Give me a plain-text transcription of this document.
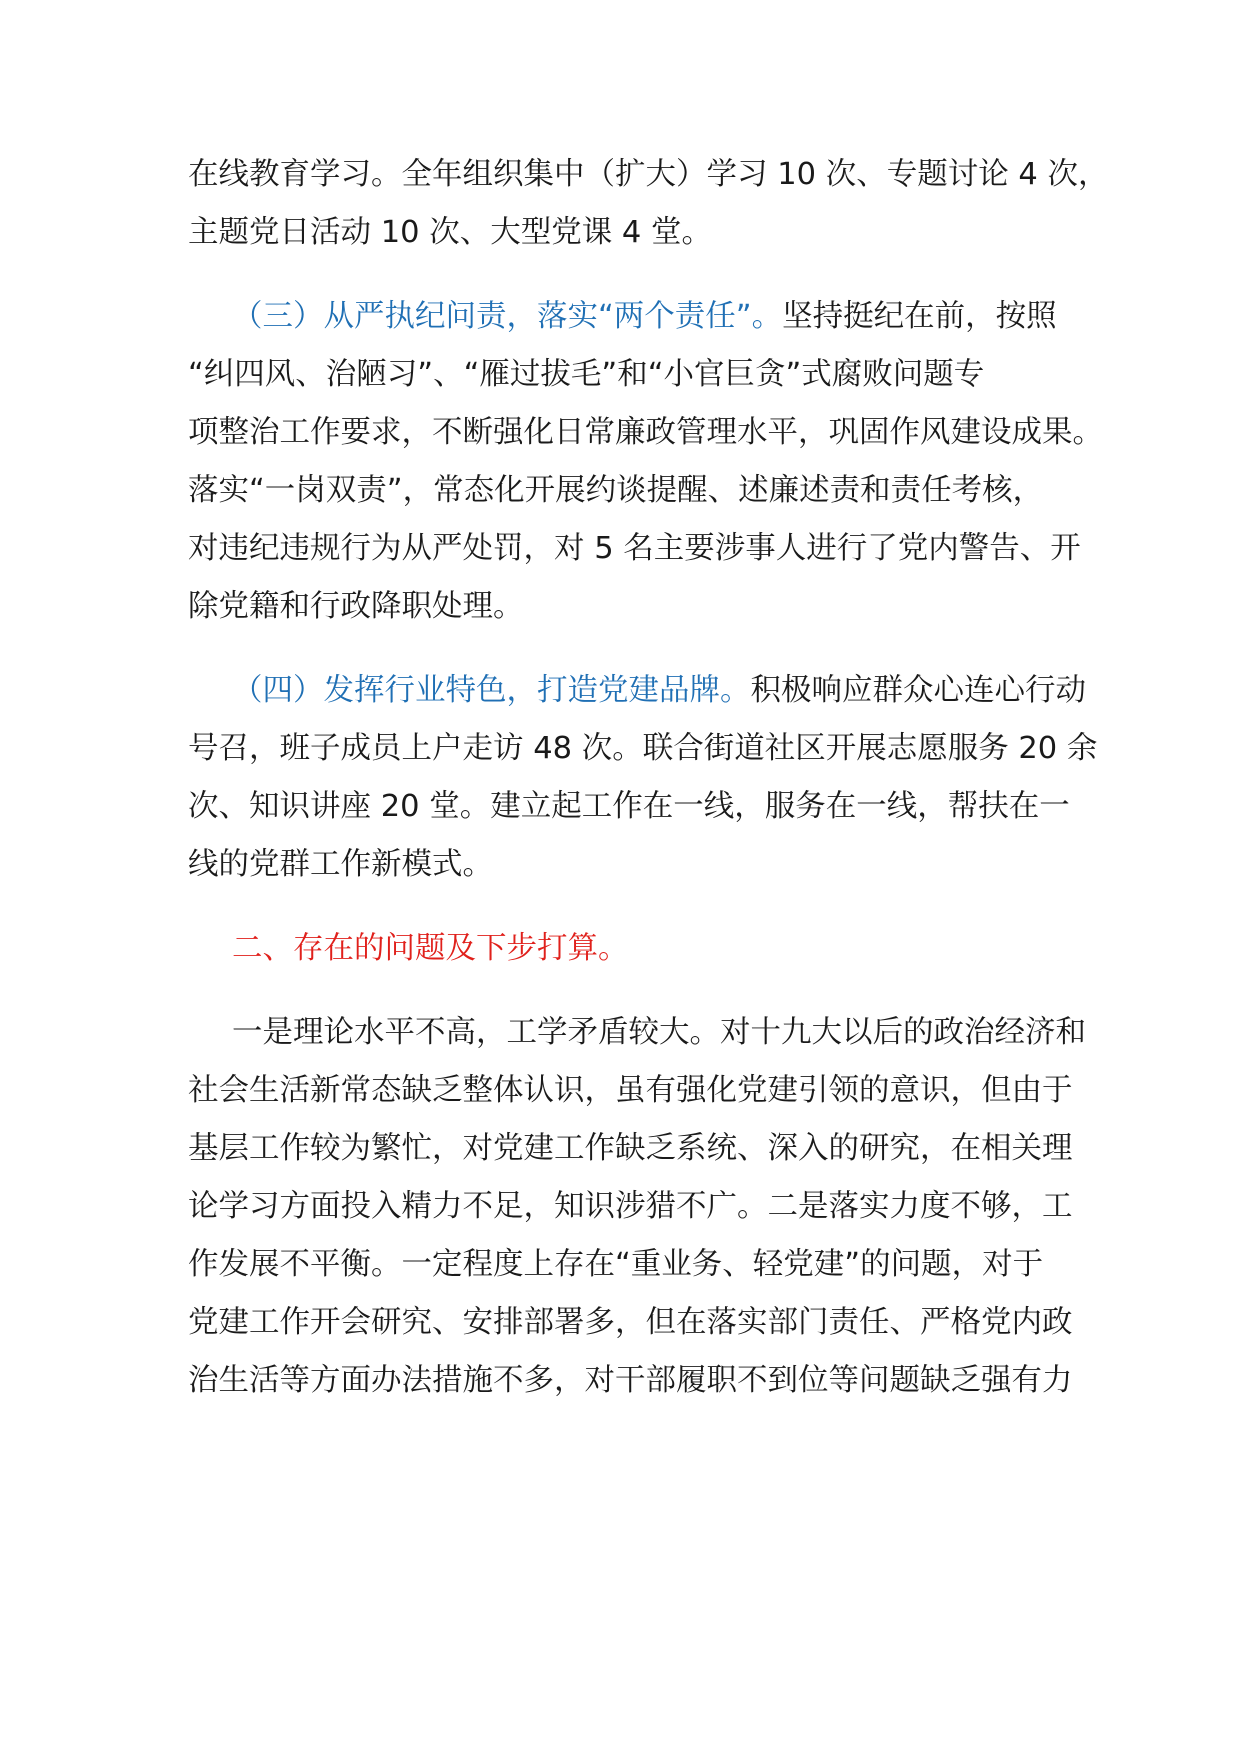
在线教育学习。全年组织集中（扩大）学习 10 次、专题讨论 4 次，
主题党日活动 10 次、大型党课 4 堂。
（三）从严执纪问责，落实“两个责任”。坚持挺纪在前，按照
“纠四风、治陋习”、“雁过拔毛”和“小官巨贪”式腐败问题专
项整治工作要求，不断强化日常廉政管理水平，巩固作风建设成果。
落实“一岗双责”，常态化开展约谈提醒、述廉述责和责任考核，
对违纪违规行为从严处罚，对 5 名主要涉事人进行了党内警告、开
除党籍和行政降职处理。
（四）发挥行业特色，打造党建品牌。积极响应群众心连心行动
号召，班子成员上户走访 48 次。联合街道社区开展志愿服务 20 余
次、知识讲座 20 堂。建立起工作在一线，服务在一线，帮扶在一
线的党群工作新模式。
二、存在的问题及下步打算。
一是理论水平不高，工学矛盾较大。对十九大以后的政治经济和
社会生活新常态缺乏整体认识，虽有强化党建引领的意识，但由于
基层工作较为繁忙，对党建工作缺乏系统、深入的研究，在相关理
论学习方面投入精力不足，知识涉猎不广。二是落实力度不够，工
作发展不平衡。一定程度上存在“重业务、轻党建”的问题，对于
党建工作开会研究、安排部署多，但在落实部门责任、严格党内政
治生活等方面办法措施不多，对干部履职不到位等问题缺乏强有力
